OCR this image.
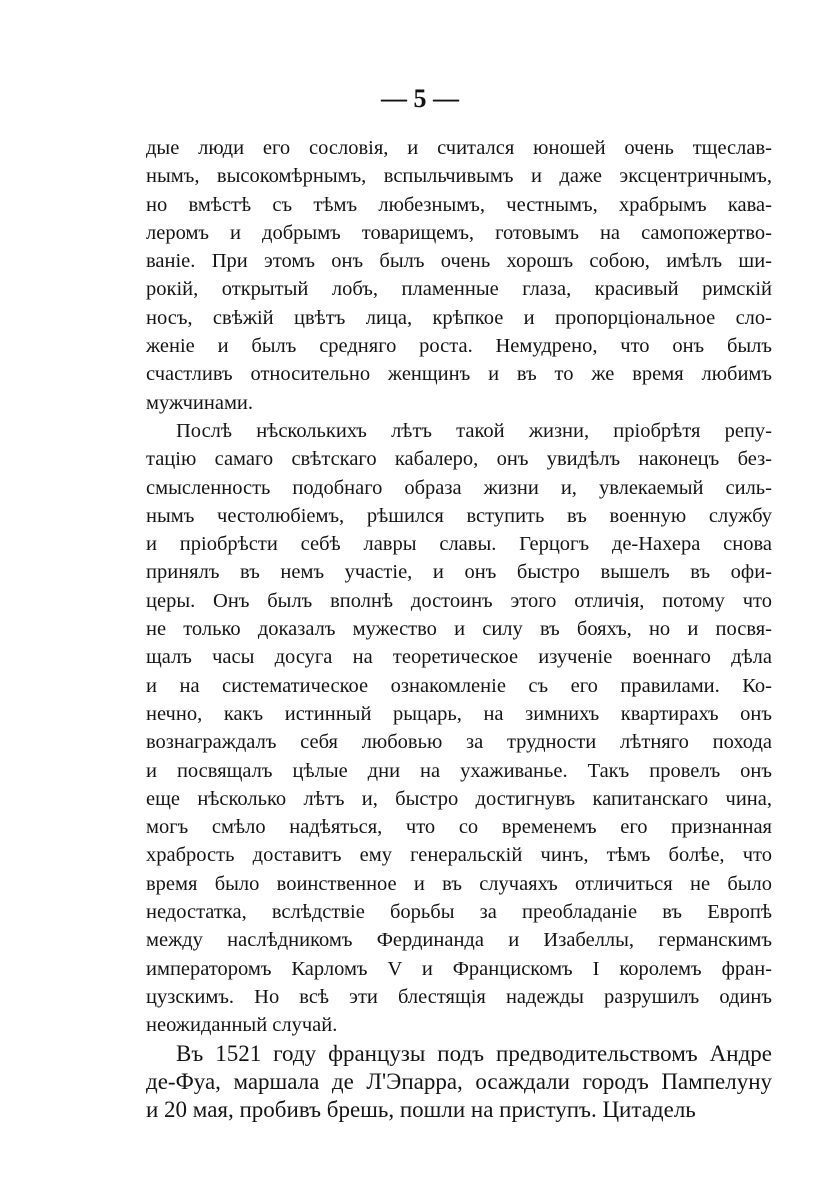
— 5 —
дые люди его сословія, и считался юношей очень тщеслав-
нымъ, высокомѣрнымъ, вспыльчивымъ и даже эксцентричнымъ,
но вмѣстѣ съ тѣмъ любезнымъ, честнымъ, храбрымъ кава-
леромъ и добрымъ товарищемъ, готовымъ на самопожертво-
ваніе. При этомъ онъ былъ очень хорошъ собою, имѣлъ ши-
рокій, открытый лобъ, пламенные глаза, красивый римскій
носъ, свѣжій цвѣтъ лица, крѣпкое и пропорціональное сло-
женіе и былъ средняго роста. Немудрено, что онъ былъ
счастливъ относительно женщинъ и въ то же время любимъ
мужчинами.
Послѣ нѣсколькихъ лѣтъ такой жизни, пріобрѣтя репу-
тацію самаго свѣтскаго кабалеро, онъ увидѣлъ наконецъ без-
смысленность подобнаго образа жизни и, увлекаемый силь-
нымъ честолюбіемъ, рѣшился вступить въ военную службу
и пріобрѣсти себѣ лавры славы. Герцогъ де-Нахера снова
принялъ въ немъ участіе, и онъ быстро вышелъ въ офи-
церы. Онъ былъ вполнѣ достоинъ этого отличія, потому что
не только доказалъ мужество и силу въ бояхъ, но и посвя-
щалъ часы досуга на теоретическое изученіе военнаго дѣла
и на систематическое ознакомленіе съ его правилами. Ко-
нечно, какъ истинный рыцарь, на зимнихъ квартирахъ онъ
вознаграждалъ себя любовью за трудности лѣтняго похода
и посвящалъ цѣлые дни на ухаживанье. Такъ провелъ онъ
еще нѣсколько лѣтъ и, быстро достигнувъ капитанскаго чина,
могъ смѣло надѣяться, что со временемъ его признанная
храбрость доставитъ ему генеральскій чинъ, тѣмъ болѣе, что
время было воинственное и въ случаяхъ отличиться не было
недостатка, вслѣдствіе борьбы за преобладаніе въ Европѣ
между наслѣдникомъ Фердинанда и Изабеллы, германскимъ
императоромъ Карломъ V и Францискомъ I королемъ фран-
цузскимъ. Но всѣ эти блестящія надежды разрушилъ одинъ
неожиданный случай.
Въ 1521 году французы подъ предводительствомъ Андре
де-Фуа, маршала де Л'Эпарра, осаждали городъ Пампелуну
и 20 мая, пробивъ брешь, пошли на приступъ. Цитадель
